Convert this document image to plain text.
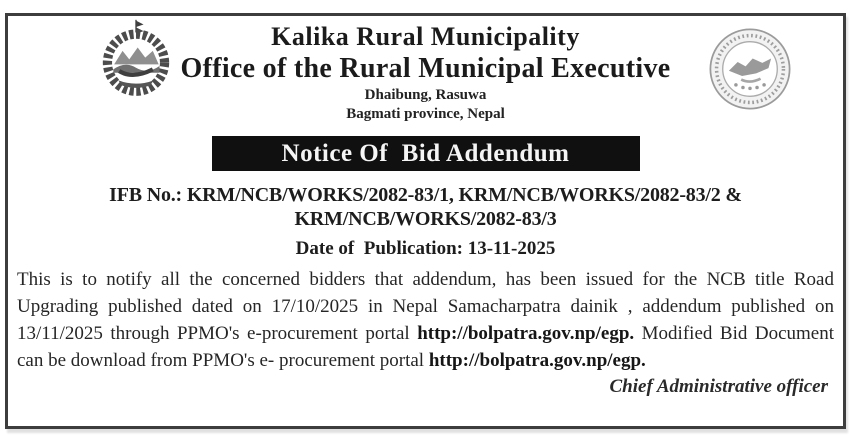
Kalika Rural Municipality
Office of the Rural Municipal Executive
Dhaibung, Rasuwa
Bagmati province, Nepal
Notice Of  Bid Addendum
IFB No.: KRM/NCB/WORKS/2082-83/1, KRM/NCB/WORKS/2082-83/2 &
KRM/NCB/WORKS/2082-83/3
Date of  Publication: 13-11-2025

This is to notify all the concerned bidders that addendum, has been issued for the NCB title Road Upgrading published dated on 17/10/2025 in Nepal Samacharpatra dainik , addendum published on 13/11/2025 through PPMO's e-procurement portal http://bolpatra.gov.np/egp. Modified Bid Document can be download from PPMO's e- procurement portal http://bolpatra.gov.np/egp.

Chief Administrative officer
